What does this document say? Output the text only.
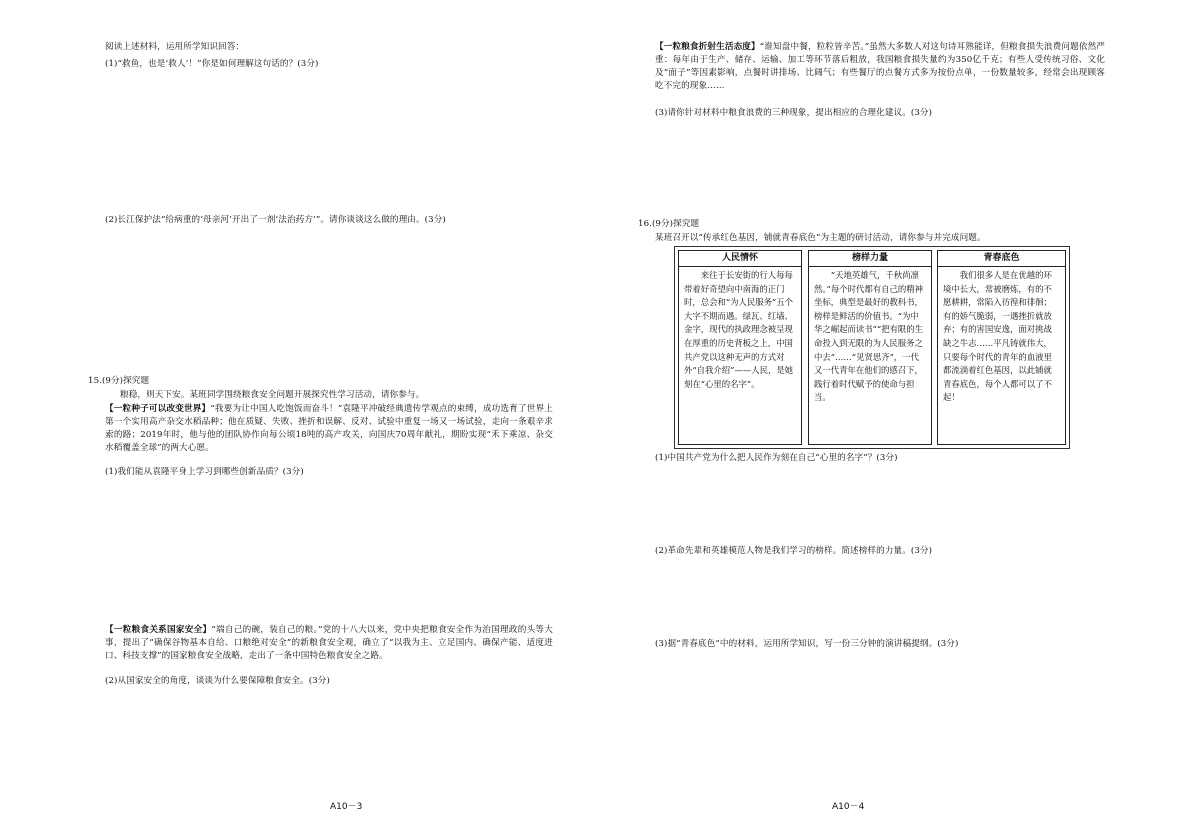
阅读上述材料，运用所学知识回答：
(1)“救鱼，也是‘救人’！”你是如何理解这句话的？(3分)
(2)长江保护法“给病重的‘母亲河’开出了一剂‘法治药方’”。请你谈谈这么做的理由。(3分)
15.(9分)探究题
粮稳，则天下安。某班同学围绕粮食安全问题开展探究性学习活动，请你参与。
【一粒种子可以改变世界】“我要为让中国人吃饱饭而奋斗！”袁隆平冲破经典遗传学观点的束缚，成功选育了世界上第一个实用高产杂交水稻品种；他在质疑、失败、挫折和误解、反对、试验中重复一场又一场试验，走向一条艰辛求索的路；2019年时，他与他的团队协作向每公顷18吨的高产攻关，向国庆70周年献礼，期盼实现“禾下乘凉、杂交水稻覆盖全球”的两大心愿。
(1)我们能从袁隆平身上学习到哪些创新品质？(3分)
【一粒粮食关系国家安全】“端自己的碗，装自己的粮。”党的十八大以来，党中央把粮食安全作为治国理政的头等大事，提出了“确保谷物基本自给、口粮绝对安全”的新粮食安全观，确立了“以我为主、立足国内、确保产能、适度进口、科技支撑”的国家粮食安全战略，走出了一条中国特色粮食安全之路。
(2)从国家安全的角度，谈谈为什么要保障粮食安全。(3分)
A10－3
【一粒粮食折射生活态度】“谁知盘中餐，粒粒皆辛苦。”虽然大多数人对这句诗耳熟能详，但粮食损失浪费问题依然严重：每年由于生产、储存、运输、加工等环节落后粗放，我国粮食损失量约为350亿千克；有些人受传统习俗、文化及“面子”等因素影响，点餐时讲排场、比阔气；有些餐厅的点餐方式多为按份点单，一份数量较多，经常会出现顾客吃不完的现象……
(3)请你针对材料中粮食浪费的三种现象，提出相应的合理化建议。(3分)
16.(9分)探究题
某班召开以“传承红色基因，铺就青春底色”为主题的研讨活动，请你参与并完成问题。
人民情怀
来往于长安街的行人每每带着好奇望向中南海的正门时，总会和“为人民服务”五个大字不期而遇。绿瓦、红墙、金字，现代的执政理念被呈现在厚重的历史背板之上，中国共产党以这种无声的方式对外“自我介绍”——人民，是她刻在“心里的名字”。
榜样力量
“天地英雄气，千秋尚凛然。”每个时代都有自己的精神坐标，典型是最好的教科书，榜样是鲜活的价值书。“为中华之崛起而读书”“把有限的生命投入到无限的为人民服务之中去”……“见贤思齐”，一代又一代青年在他们的感召下，践行着时代赋予的使命与担当。
青春底色
我们很多人是在优越的环境中长大，常被磨炼，有的不愿耕耕，常陷入彷徨和徘徊；有的娇气脆弱，一遇挫折就放弃；有的害国安逸，面对挑战缺之牛志……平凡铸就伟大，只要每个时代的青年的血液里都流淌着红色基因，以此铺就青春底色，每个人都可以了不起！
(1)中国共产党为什么把人民作为刻在自己“心里的名字”？(3分)
(2)革命先辈和英雄模范人物是我们学习的榜样。简述榜样的力量。(3分)
(3)据“青春底色”中的材料，运用所学知识，写一份三分钟的演讲稿提纲。(3分)
A10－4
